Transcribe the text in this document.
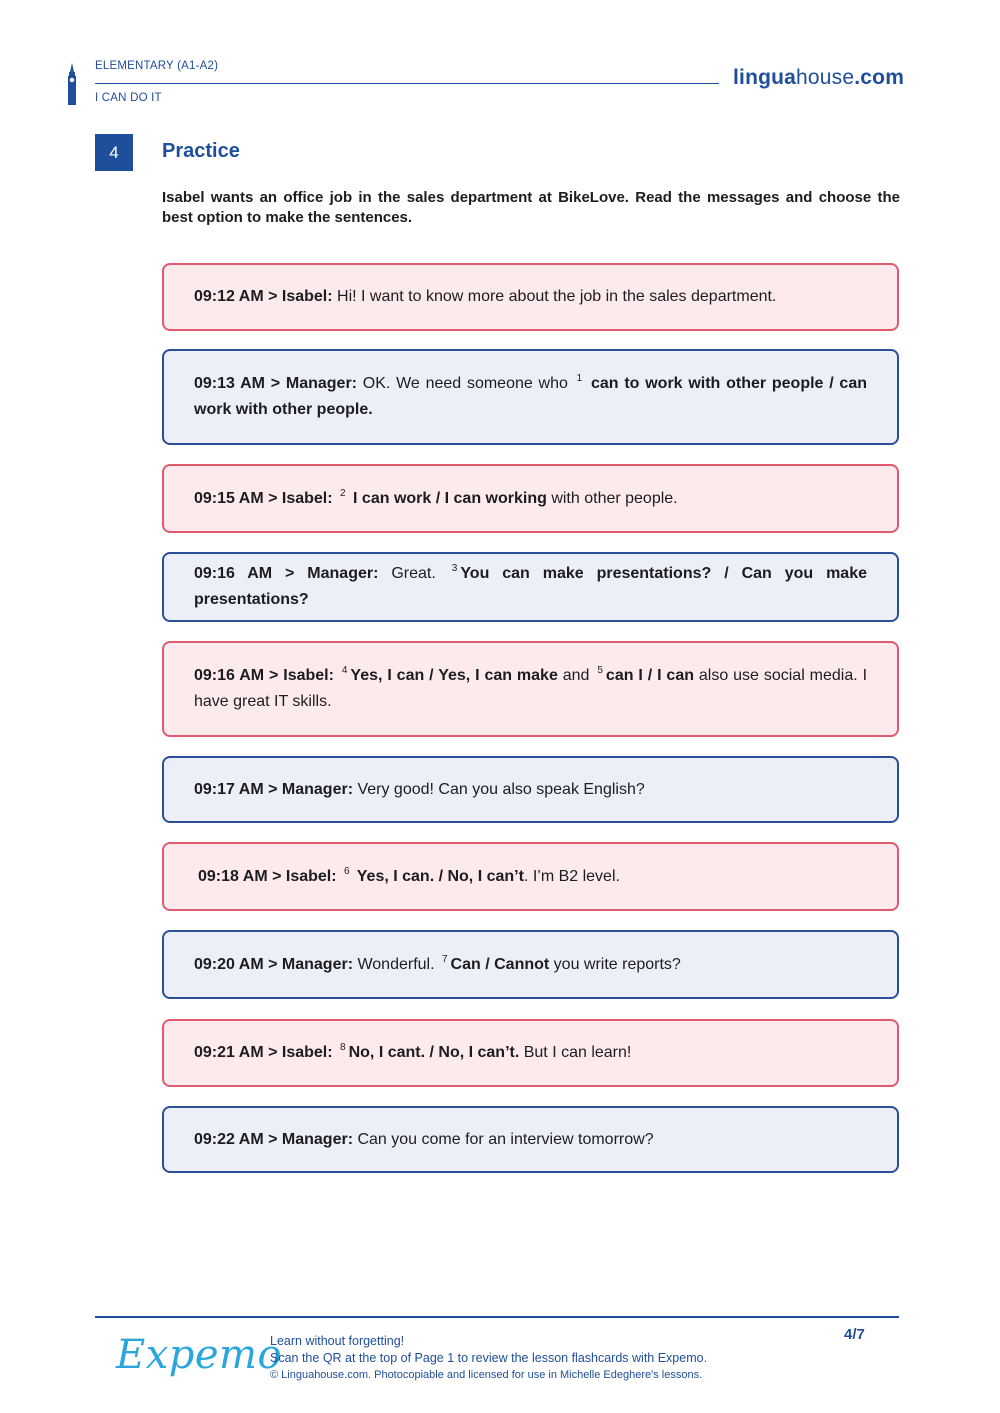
ELEMENTARY (A1-A2)
I CAN DO IT
linguahouse.com
4	Practice
Isabel wants an office job in the sales department at BikeLove. Read the messages and choose the best option to make the sentences.

09:12 AM > Isabel: Hi! I want to know more about the job in the sales department.

09:13 AM > Manager: OK. We need someone who $^1$ can to work with other people / can work with other people.

09:15 AM > Isabel: $^2$ I can work / I can working with other people.

09:16 AM > Manager: Great. $^3$ You can make presentations? / Can you make presentations?

09:16 AM > Isabel: $^4$ Yes, I can / Yes, I can make and $^5$ can I / I can also use social media. I have great IT skills.

09:17 AM > Manager: Very good! Can you also speak English?

09:18 AM > Isabel: $^6$ Yes, I can. / No, I can’t. I’m B2 level.

09:20 AM > Manager: Wonderful. $^7$ Can / Cannot you write reports?

09:21 AM > Isabel: $^8$ No, I cant. / No, I can’t. But I can learn!

09:22 AM > Manager: Can you come for an interview tomorrow?

Expemo
Learn without forgetting!
Scan the QR at the top of Page 1 to review the lesson flashcards with Expemo.
© Linguahouse.com. Photocopiable and licensed for use in Michelle Edeghere's lessons.
4/7
